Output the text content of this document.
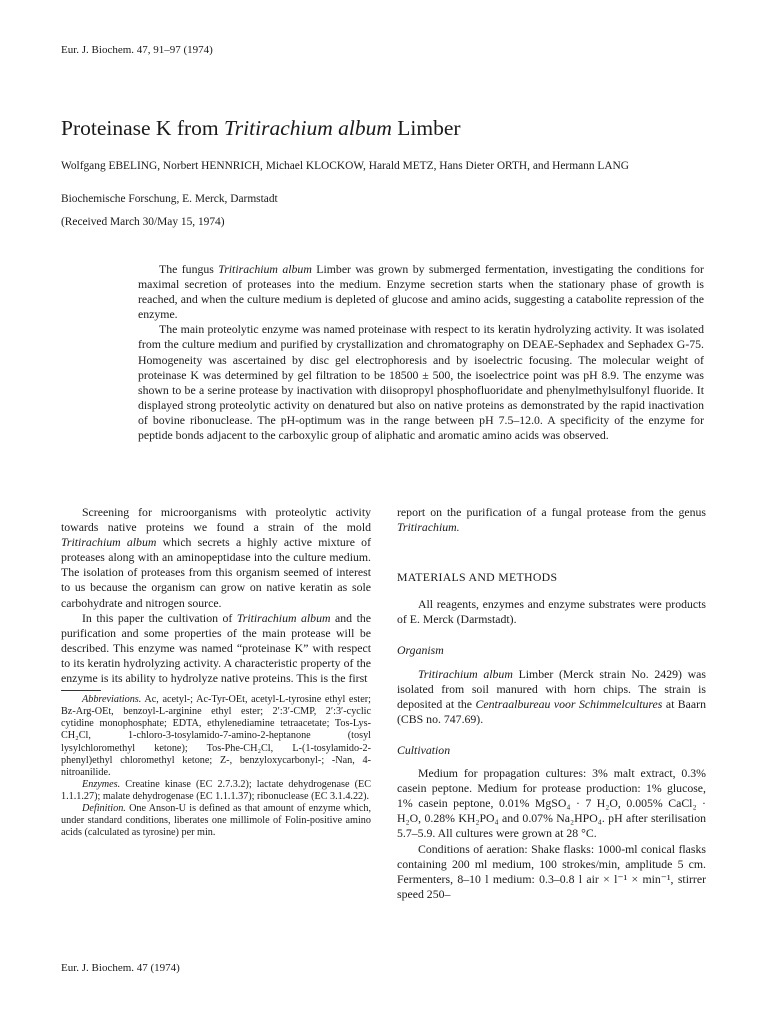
Eur. J. Biochem. 47, 91–97 (1974)
Proteinase K from Tritirachium album Limber
Wolfgang EBELING, Norbert HENNRICH, Michael KLOCKOW, Harald METZ, Hans Dieter ORTH, and Hermann LANG
Biochemische Forschung, E. Merck, Darmstadt
(Received March 30/May 15, 1974)

The fungus Tritirachium album Limber was grown by submerged fermentation, investigating the conditions for maximal secretion of proteases into the medium. Enzyme secretion starts when the stationary phase of growth is reached, and when the culture medium is depleted of glucose and amino acids, suggesting a catabolite repression of the enzyme.

The main proteolytic enzyme was named proteinase with respect to its keratin hydrolyzing activity. It was isolated from the culture medium and purified by crystallization and chromatography on DEAE-Sephadex and Sephadex G-75. Homogeneity was ascertained by disc gel electrophoresis and by isoelectric focusing. The molecular weight of proteinase K was determined by gel filtration to be 18500 ± 500, the isoelectrice point was pH 8.9. The enzyme was shown to be a serine protease by inactivation with diisopropyl phosphofluoridate and phenylmethylsulfonyl fluoride. It displayed strong proteolytic activity on denatured but also on native proteins as demonstrated by the rapid inactivation of bovine ribonuclease. The pH-optimum was in the range between pH 7.5–12.0. A specificity of the enzyme for peptide bonds adjacent to the carboxylic group of aliphatic and aromatic amino acids was observed.

Screening for microorganisms with proteolytic activity towards native proteins we found a strain of the mold Tritirachium album which secrets a highly active mixture of proteases along with an aminopeptidase into the culture medium. The isolation of proteases from this organism seemed of interest to us because the organism can grow on native keratin as sole carbohydrate and nitrogen source.

In this paper the cultivation of Tritirachium album and the purification and some properties of the main protease will be described. This enzyme was named “proteinase K” with respect to its keratin hydrolyzing activity. A characteristic property of the enzyme is its ability to hydrolyze native proteins. This is the first

Abbreviations. Ac, acetyl-; Ac-Tyr-OEt, acetyl-L-tyrosine ethyl ester; Bz-Arg-OEt, benzoyl-L-arginine ethyl ester; 2′:3′-CMP, 2′:3′-cyclic cytidine monophosphate; EDTA, ethylenediamine tetraacetate; Tos-Lys-CH₂Cl, 1-chloro-3-tosylamido-7-amino-2-heptanone (tosyl lysylchloromethyl ketone); Tos-Phe-CH₂Cl, L-(1-tosylamido-2-phenyl)ethyl chloromethyl ketone; Z-, benzyloxycarbonyl-; -Nan, 4-nitroanilide.

Enzymes. Creatine kinase (EC 2.7.3.2); lactate dehydrogenase (EC 1.1.1.27); malate dehydrogenase (EC 1.1.1.37); ribonuclease (EC 3.1.4.22).

Definition. One Anson-U is defined as that amount of enzyme which, under standard conditions, liberates one millimole of Folin-positive amino acids (calculated as tyrosine) per min.

report on the purification of a fungal protease from the genus Tritirachium.

MATERIALS AND METHODS

All reagents, enzymes and enzyme substrates were products of E. Merck (Darmstadt).

Organism

Tritirachium album Limber (Merck strain No. 2429) was isolated from soil manured with horn chips. The strain is deposited at the Centraalbureau voor Schimmelcultures at Baarn (CBS no. 747.69).

Cultivation

Medium for propagation cultures: 3% malt extract, 0.3% casein peptone. Medium for protease production: 1% glucose, 1% casein peptone, 0.01% MgSO₄ · 7 H₂O, 0.005% CaCl₂ · H₂O, 0.28% KH₂PO₄ and 0.07% Na₂HPO₄. pH after sterilisation 5.7–5.9. All cultures were grown at 28 °C.

Conditions of aeration: Shake flasks: 1000-ml conical flasks containing 200 ml medium, 100 strokes/min, amplitude 5 cm. Fermenters, 8–10 l medium: 0.3–0.8 l air × l⁻¹ × min⁻¹, stirrer speed 250–

Eur. J. Biochem. 47 (1974)
